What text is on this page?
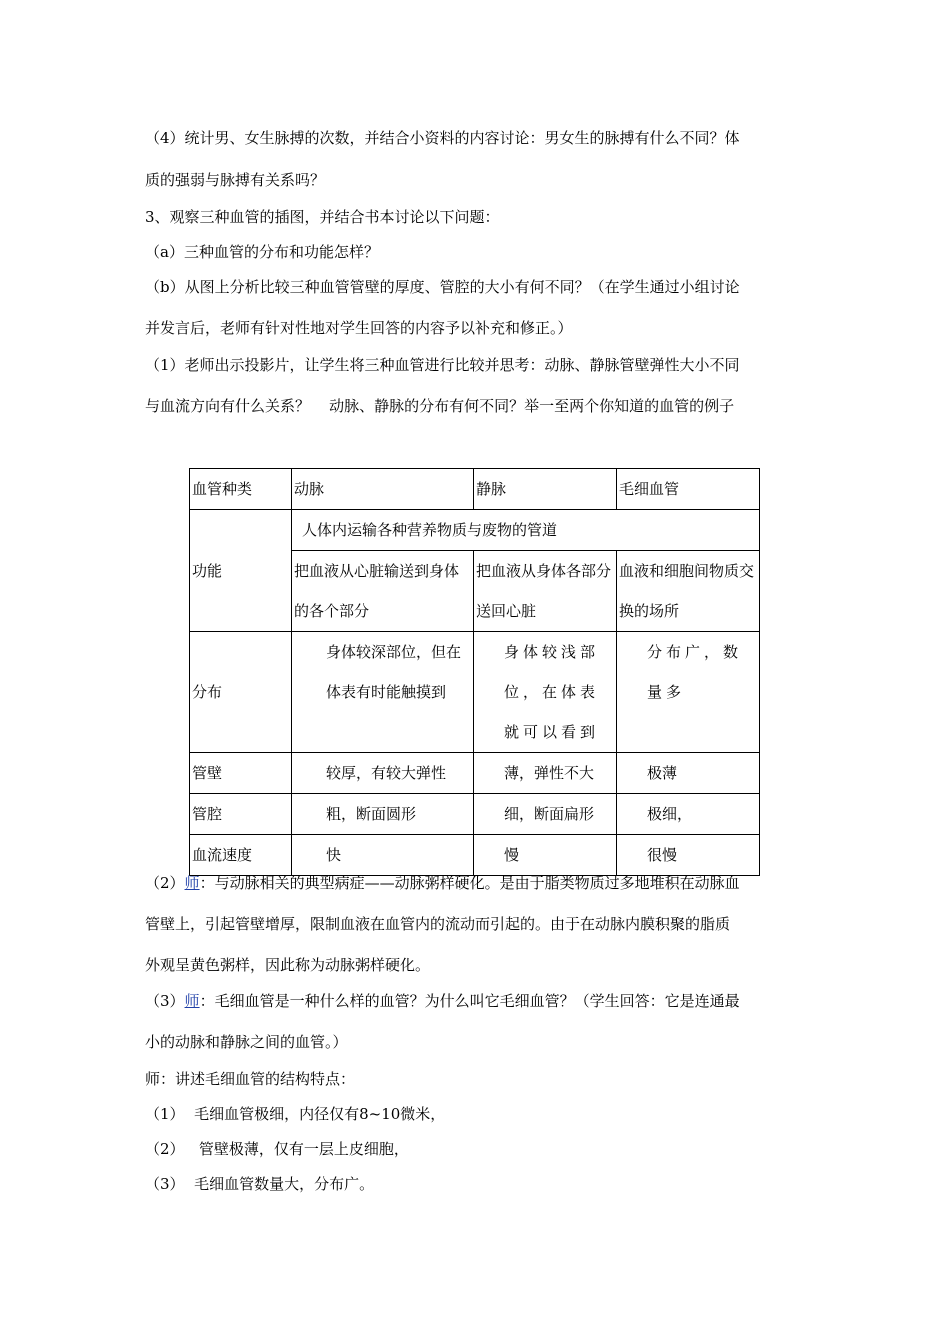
（4）统计男、女生脉搏的次数，并结合小资料的内容讨论：男女生的脉搏有什么不同？体
质的强弱与脉搏有关系吗？
3、观察三种血管的插图，并结合书本讨论以下问题：
（a）三种血管的分布和功能怎样？
（b）从图上分析比较三种血管管壁的厚度、管腔的大小有何不同？（在学生通过小组讨论
并发言后，老师有针对性地对学生回答的内容予以补充和修正。）
（1）老师出示投影片，让学生将三种血管进行比较并思考：动脉、静脉管壁弹性大小不同
与血流方向有什么关系？    动脉、静脉的分布有何不同？举一至两个你知道的血管的例子
血管种类	动脉	静脉	毛细血管
功能	人体内运输各种营养物质与废物的管道		
	把血液从心脏输送到身体的各个部分	把血液从身体各部分送回心脏	血液和细胞间物质交换的场所
分布	身体较深部位，但在体表有时能触摸到	身体较浅部位，在体表就可以看到	分布广，数量多
管壁	较厚，有较大弹性	薄，弹性不大	极薄
管腔	粗，断面圆形	细，断面扁形	极细，
血流速度	快	慢	很慢
（2）师：与动脉相关的典型病症——动脉粥样硬化。是由于脂类物质过多地堆积在动脉血
管壁上，引起管壁增厚，限制血液在血管内的流动而引起的。由于在动脉内膜积聚的脂质
外观呈黄色粥样，因此称为动脉粥样硬化。
（3）师：毛细血管是一种什么样的血管？为什么叫它毛细血管？（学生回答：它是连通最
小的动脉和静脉之间的血管。）
师：讲述毛细血管的结构特点：
（1）  毛细血管极细，内径仅有8~10微米，
（2）   管壁极薄，仅有一层上皮细胞，
（3）  毛细血管数量大，分布广。
